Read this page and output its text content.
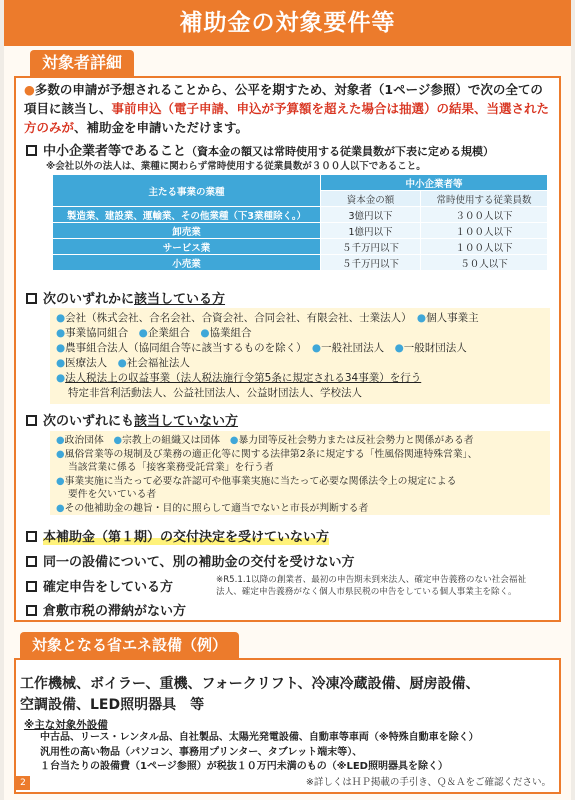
補助金の対象要件等
対象者詳細
●多数の申請が予想されることから、公平を期すため、対象者（1ページ参照）で次の全ての項目に該当し、事前申込（電子申請、申込が予算額を超えた場合は抽選）の結果、当選された方のみが、補助金を申請いただけます。
中小企業者等であること（資本金の額又は常時使用する従業員数が下表に定める規模）
※会社以外の法人は、業種に関わらず常時使用する従業員数が３００人以下であること。
主たる事業の業種	中小企業者等	
	資本金の額	常時使用する従業員数
製造業、建設業、運輸業、その他業種（下3業種除く。）	3億円以下	３００人以下
卸売業	1億円以下	１００人以下
サービス業	５千万円以下	１００人以下
小売業	５千万円以下	５０人以下
次のいずれかに該当している方
●会社（株式会社、合名会社、合資会社、合同会社、有限会社、士業法人）　 ●個人事業主
●事業協同組合　 ●企業組合　 ●協業組合
●農事組合法人（協同組合等に該当するものを除く）　 ●一般社団法人　 ●一般財団法人
●医療法人　 ●社会福祉法人
●法人税法上の収益事業（法人税法施行令第5条に規定される34事業）を行う
特定非営利活動法人、公益社団法人、公益財団法人、学校法人
次のいずれにも該当していない方
●政治団体　 ●宗教上の組織又は団体　 ●暴力団等反社会勢力または反社会勢力と関係がある者
●風俗営業等の規制及び業務の適正化等に関する法律第2条に規定する「性風俗関連特殊営業」、
当該営業に係る「接客業務受託営業」を行う者
●事業実施に当たって必要な許認可や他事業実施に当たって必要な関係法令上の規定による
要件を欠いている者
●その他補助金の趣旨・目的に照らして適当でないと市長が判断する者
本補助金（第１期）の交付決定を受けていない方
同一の設備について、別の補助金の交付を受けない方
確定申告をしている方	※R5.1.1以降の創業者、最初の申告期未到来法人、確定申告義務のない社会福祉
法人、確定申告義務がなく個人市県民税の申告をしている個人事業主を除く。
倉敷市税の滞納がない方
対象となる省エネ設備（例）
工作機械、ボイラー、重機、フォークリフト、冷凍冷蔵設備、厨房設備、
空調設備、LED照明器具　等
※主な対象外設備
中古品、リース・レンタル品、自社製品、太陽光発電設備、自動車等車両（※特殊自動車を除く）
汎用性の高い物品（パソコン、事務用プリンター、タブレット端末等）、
１台当たりの設備費（1ページ参照）が税抜１０万円未満のもの（※LED照明器具を除く）
※詳しくはＨＰ掲載の手引き、Ｑ＆Ａをご確認ください。
2
